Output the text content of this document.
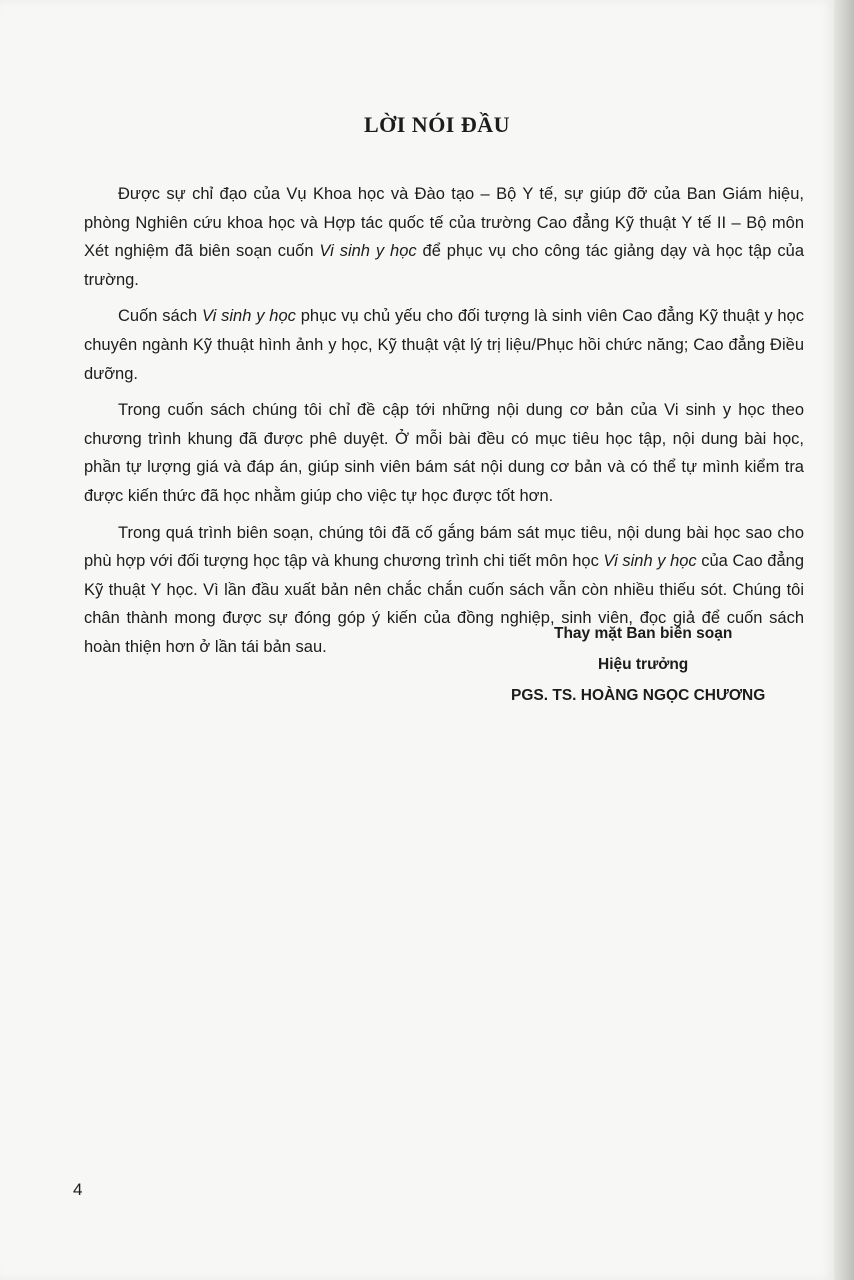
LỜI NÓI ĐẦU

Được sự chỉ đạo của Vụ Khoa học và Đào tạo – Bộ Y tế, sự giúp đỡ của Ban Giám hiệu, phòng Nghiên cứu khoa học và Hợp tác quốc tế của trường Cao đẳng Kỹ thuật Y tế II – Bộ môn Xét nghiệm đã biên soạn cuốn Vi sinh y học để phục vụ cho công tác giảng dạy và học tập của trường.

Cuốn sách Vi sinh y học phục vụ chủ yếu cho đối tượng là sinh viên Cao đẳng Kỹ thuật y học chuyên ngành Kỹ thuật hình ảnh y học, Kỹ thuật vật lý trị liệu/Phục hồi chức năng; Cao đẳng Điều dưỡng.

Trong cuốn sách chúng tôi chỉ đề cập tới những nội dung cơ bản của Vi sinh y học theo chương trình khung đã được phê duyệt. Ở mỗi bài đều có mục tiêu học tập, nội dung bài học, phần tự lượng giá và đáp án, giúp sinh viên bám sát nội dung cơ bản và có thể tự mình kiểm tra được kiến thức đã học nhằm giúp cho việc tự học được tốt hơn.

Trong quá trình biên soạn, chúng tôi đã cố gắng bám sát mục tiêu, nội dung bài học sao cho phù hợp với đối tượng học tập và khung chương trình chi tiết môn học Vi sinh y học của Cao đẳng Kỹ thuật Y học. Vì lần đầu xuất bản nên chắc chắn cuốn sách vẫn còn nhiều thiếu sót. Chúng tôi chân thành mong được sự đóng góp ý kiến của đồng nghiệp, sinh viên, đọc giả để cuốn sách hoàn thiện hơn ở lần tái bản sau.

Thay mặt Ban biên soạn
Hiệu trưởng
PGS. TS. HOÀNG NGỌC CHƯƠNG
4
